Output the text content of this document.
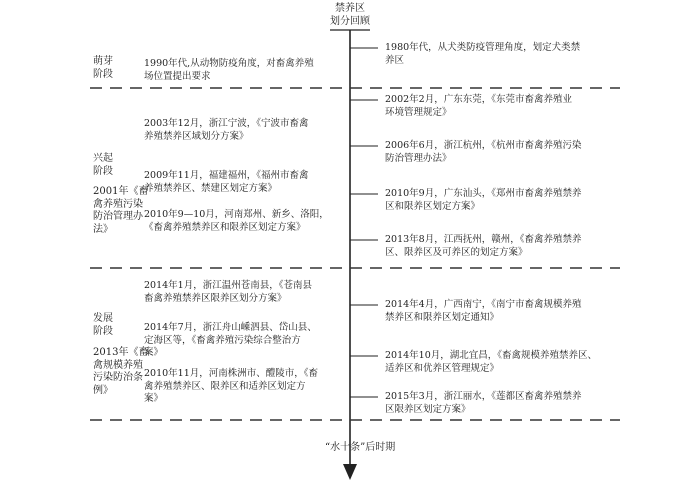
禁养区
划分回顾
萌芽
阶段
兴起
阶段
2001年《畜
禽养殖污染
防治管理办
法》
发展
阶段
2013年《畜
禽规模养殖
污染防治条
例》
1990年代,从动物防疫角度，对畜禽养殖
场位置提出要求
2003年12月，浙江宁波，《宁波市畜禽
养殖禁养区域划分方案》
2009年11月，福建福州，《福州市畜禽
养殖禁养区、禁建区划定方案》
2010年9—10月，河南郑州、新乡、洛阳，
《畜禽养殖禁养区和限养区划定方案》
2014年1月，浙江温州苍南县，《苍南县
畜禽养殖禁养区限养区划分方案》
2014年7月，浙江舟山嵊泗县、岱山县、
定海区等，《畜禽养殖污染综合整治方
案》
2010年11月，河南株洲市、醴陵市，《畜
禽养殖禁养区、限养区和适养区划定方
案》
1980年代，从犬类防疫管理角度，划定犬类禁
养区
2002年2月，广东东莞，《东莞市畜禽养殖业
环境管理规定》
2006年6月，浙江杭州，《杭州市畜禽养殖污染
防治管理办法》
2010年9月，广东汕头，《郑州市畜禽养殖禁养
区和限养区划定方案》
2013年8月，江西抚州，赣州，《畜禽养殖禁养
区、限养区及可养区的划定方案》
2014年4月，广西南宁，《南宁市畜禽规模养殖
禁养区和限养区划定通知》
2014年10月，湖北宜昌，《畜禽规模养殖禁养区、
适养区和优养区管理规定》
2015年3月，浙江丽水，《莲都区畜禽养殖禁养
区限养区划定方案》
“水十条”后时期
